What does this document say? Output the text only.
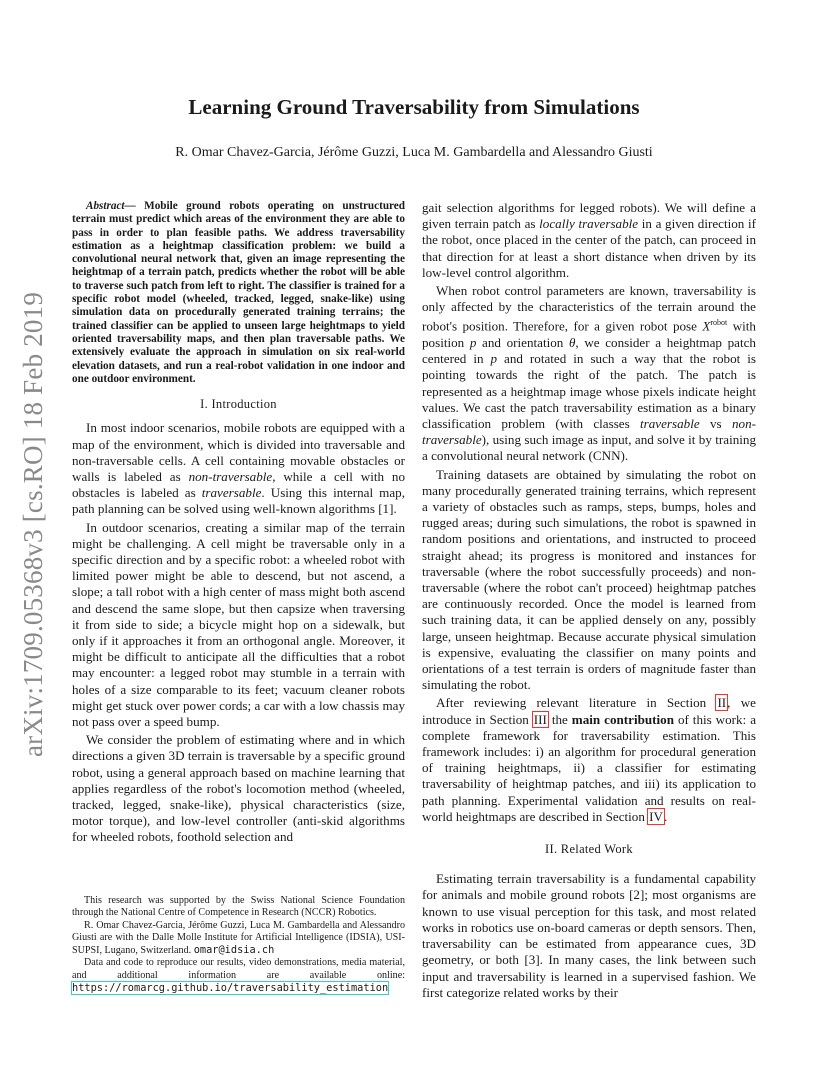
arXiv:1709.05368v3 [cs.RO] 18 Feb 2019
Learning Ground Traversability from Simulations

R. Omar Chavez-Garcia, Jérôme Guzzi, Luca M. Gambardella and Alessandro Giusti

Abstract— Mobile ground robots operating on unstructured terrain must predict which areas of the environment they are able to pass in order to plan feasible paths. We address traversability estimation as a heightmap classification problem: we build a convolutional neural network that, given an image representing the heightmap of a terrain patch, predicts whether the robot will be able to traverse such patch from left to right. The classifier is trained for a specific robot model (wheeled, tracked, legged, snake-like) using simulation data on procedurally generated training terrains; the trained classifier can be applied to unseen large heightmaps to yield oriented traversability maps, and then plan traversable paths. We extensively evaluate the approach in simulation on six real-world elevation datasets, and run a real-robot validation in one indoor and one outdoor environment.

I. Introduction

In most indoor scenarios, mobile robots are equipped with a map of the environment, which is divided into traversable and non-traversable cells. A cell containing movable obstacles or walls is labeled as non-traversable, while a cell with no obstacles is labeled as traversable. Using this internal map, path planning can be solved using well-known algorithms [1].

In outdoor scenarios, creating a similar map of the terrain might be challenging. A cell might be traversable only in a specific direction and by a specific robot: a wheeled robot with limited power might be able to descend, but not ascend, a slope; a tall robot with a high center of mass might both ascend and descend the same slope, but then capsize when traversing it from side to side; a bicycle might hop on a sidewalk, but only if it approaches it from an orthogonal angle. Moreover, it might be difficult to anticipate all the difficulties that a robot may encounter: a legged robot may stumble in a terrain with holes of a size comparable to its feet; vacuum cleaner robots might get stuck over power cords; a car with a low chassis may not pass over a speed bump.

We consider the problem of estimating where and in which directions a given 3D terrain is traversable by a specific ground robot, using a general approach based on machine learning that applies regardless of the robot's locomotion method (wheeled, tracked, legged, snake-like), physical characteristics (size, motor torque), and low-level controller (anti-skid algorithms for wheeled robots, foothold selection and

This research was supported by the Swiss National Science Foundation through the National Centre of Competence in Research (NCCR) Robotics.

R. Omar Chavez-Garcia, Jérôme Guzzi, Luca M. Gambardella and Alessandro Giusti are with the Dalle Molle Institute for Artificial Intelligence (IDSIA), USI-SUPSI, Lugano, Switzerland. omar@idsia.ch

Data and code to reproduce our results, video demonstrations, media material, and additional information are available online: https://romarcg.github.io/traversability_estimation

gait selection algorithms for legged robots). We will define a given terrain patch as locally traversable in a given direction if the robot, once placed in the center of the patch, can proceed in that direction for at least a short distance when driven by its low-level control algorithm.

When robot control parameters are known, traversability is only affected by the characteristics of the terrain around the robot's position. Therefore, for a given robot pose $X^{robot}$ with position p and orientation θ, we consider a heightmap patch centered in p and rotated in such a way that the robot is pointing towards the right of the patch. The patch is represented as a heightmap image whose pixels indicate height values. We cast the patch traversability estimation as a binary classification problem (with classes traversable vs non-traversable), using such image as input, and solve it by training a convolutional neural network (CNN).

Training datasets are obtained by simulating the robot on many procedurally generated training terrains, which represent a variety of obstacles such as ramps, steps, bumps, holes and rugged areas; during such simulations, the robot is spawned in random positions and orientations, and instructed to proceed straight ahead; its progress is monitored and instances for traversable (where the robot successfully proceeds) and non-traversable (where the robot can't proceed) heightmap patches are continuously recorded. Once the model is learned from such training data, it can be applied densely on any, possibly large, unseen heightmap. Because accurate physical simulation is expensive, evaluating the classifier on many points and orientations of a test terrain is orders of magnitude faster than simulating the robot.

After reviewing relevant literature in Section II, we introduce in Section III the main contribution of this work: a complete framework for traversability estimation. This framework includes: i) an algorithm for procedural generation of training heightmaps, ii) a classifier for estimating traversability of heightmap patches, and iii) its application to path planning. Experimental validation and results on real-world heightmaps are described in Section IV.

II. Related Work

Estimating terrain traversability is a fundamental capability for animals and mobile ground robots [2]; most organisms are known to use visual perception for this task, and most related works in robotics use on-board cameras or depth sensors. Then, traversability can be estimated from appearance cues, 3D geometry, or both [3]. In many cases, the link between such input and traversability is learned in a supervised fashion. We first categorize related works by their
